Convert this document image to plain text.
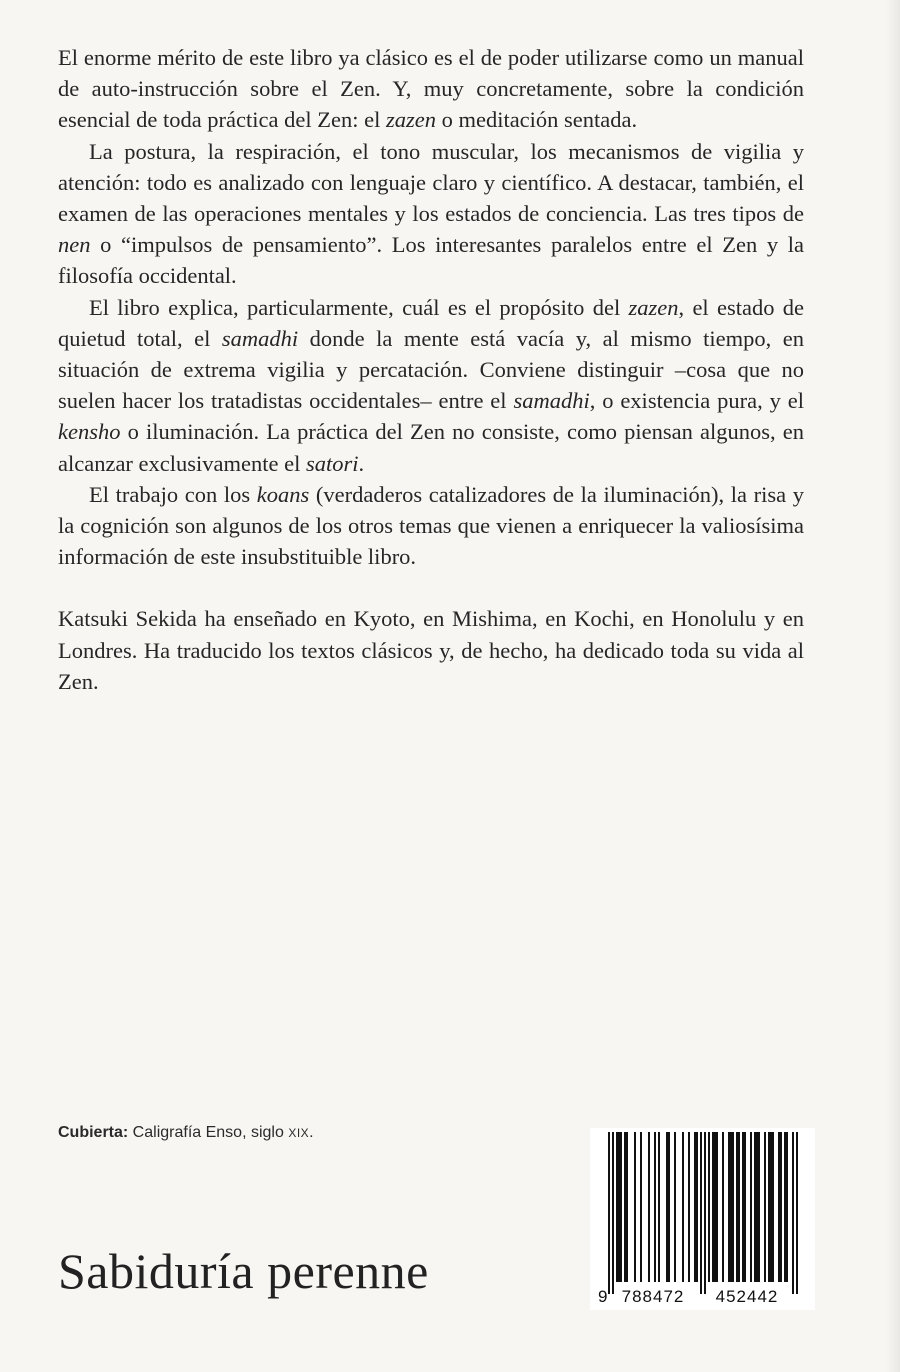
El enorme mérito de este libro ya clásico es el de poder utilizarse como un manual de auto-instrucción sobre el Zen. Y, muy concretamente, sobre la condición esencial de toda práctica del Zen: el zazen o meditación sentada.

La postura, la respiración, el tono muscular, los mecanismos de vigilia y atención: todo es analizado con lenguaje claro y científico. A destacar, también, el examen de las operaciones mentales y los estados de conciencia. Las tres tipos de nen o “impulsos de pensamiento”. Los interesantes paralelos entre el Zen y la filosofía occidental.

El libro explica, particularmente, cuál es el propósito del zazen, el estado de quietud total, el samadhi donde la mente está vacía y, al mismo tiempo, en situación de extrema vigilia y percatación. Conviene distinguir –cosa que no suelen hacer los tratadistas occidentales– entre el samadhi, o existencia pura, y el kensho o iluminación. La práctica del Zen no consiste, como piensan algunos, en alcanzar exclusivamente el satori.

El trabajo con los koans (verdaderos catalizadores de la iluminación), la risa y la cognición son algunos de los otros temas que vienen a enriquecer la valiosísima información de este insubstituible libro.

Katsuki Sekida ha enseñado en Kyoto, en Mishima, en Kochi, en Honolulu y en Londres. Ha traducido los textos clásicos y, de hecho, ha dedicado toda su vida al Zen.

Cubierta: Caligrafía Enso, siglo XIX.
Sabiduría perenne	9 788472 452442
